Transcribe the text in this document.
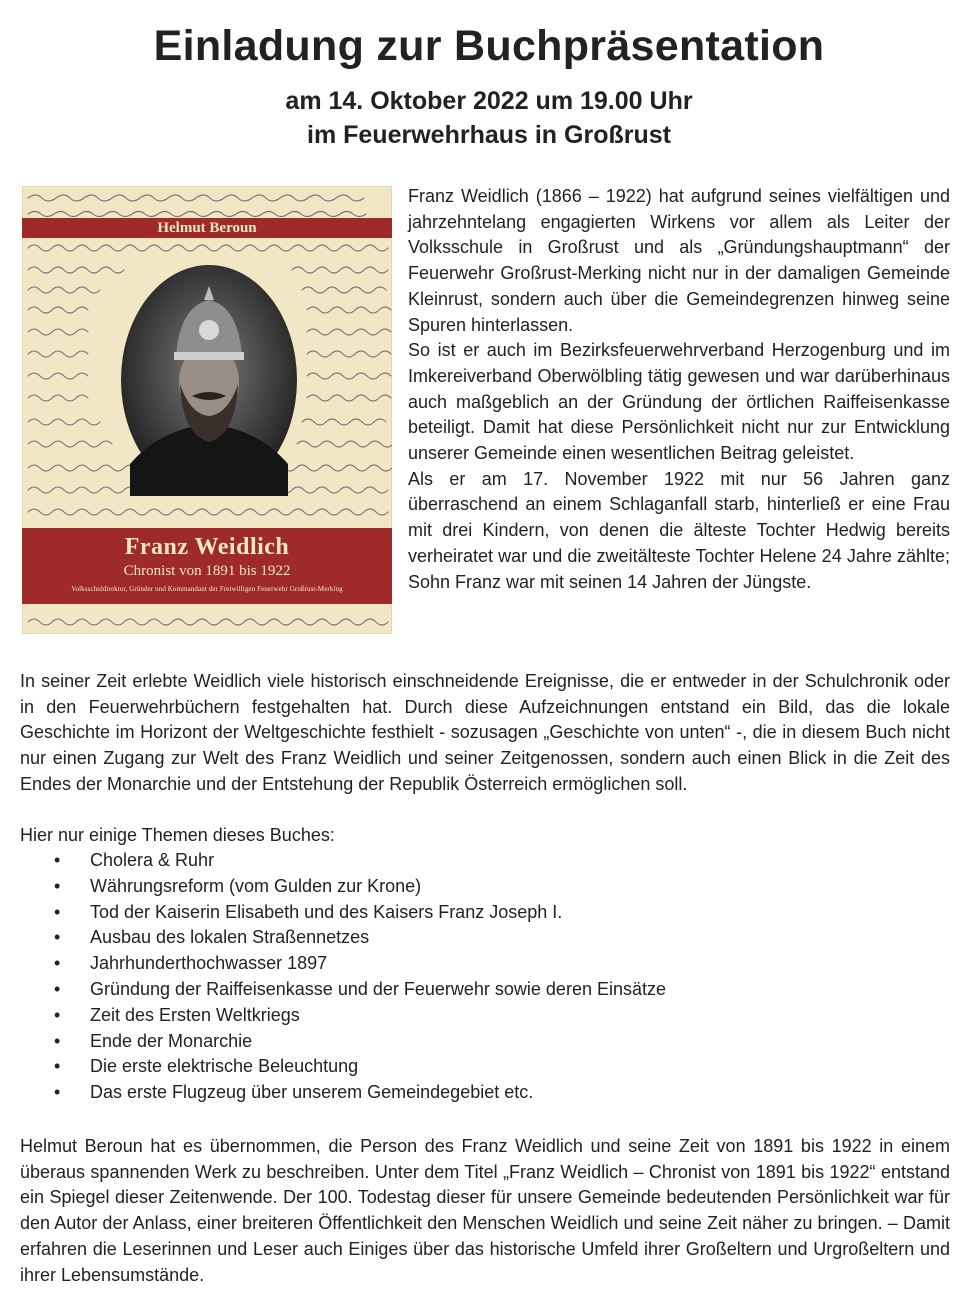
Einladung zur Buchpräsentation
am 14. Oktober 2022 um 19.00 Uhr
im Feuerwehrhaus in Großrust
Helmut Beroun
Franz Weidlich
Chronist von 1891 bis 1922
Volksschuldirektor, Gründer und Kommandant der Freiwilligen Feuerwehr Großrust-Merking

Franz Weidlich (1866 – 1922) hat aufgrund seines vielfältigen und jahrzehntelang engagierten Wirkens vor allem als Leiter der Volksschule in Großrust und als „Gründungshauptmann“ der Feuerwehr Großrust-Merking nicht nur in der damaligen Gemeinde Kleinrust, sondern auch über die Gemeindegrenzen hinweg seine Spuren hinterlassen.

So ist er auch im Bezirksfeuerwehrverband Herzogenburg und im Imkereiverband Oberwölbling tätig gewesen und war darüberhinaus auch maßgeblich an der Gründung der örtlichen Raiffeisenkasse beteiligt. Damit hat diese Persönlichkeit nicht nur zur Entwicklung unserer Gemeinde einen wesentlichen Beitrag geleistet.

Als er am 17. November 1922 mit nur 56 Jahren ganz überraschend an einem Schlaganfall starb, hinterließ er eine Frau mit drei Kindern, von denen die älteste Tochter Hedwig bereits verheiratet war und die zweitälteste Tochter Helene 24 Jahre zählte; Sohn Franz war mit seinen 14 Jahren der Jüngste.

In seiner Zeit erlebte Weidlich viele historisch einschneidende Ereignisse, die er entweder in der Schulchronik oder in den Feuerwehrbüchern festgehalten hat. Durch diese Aufzeichnungen entstand ein Bild, das die lokale Geschichte im Horizont der Weltgeschichte festhielt - sozusagen „Geschichte von unten“ -, die in diesem Buch nicht nur einen Zugang zur Welt des Franz Weidlich und seiner Zeitgenossen, sondern auch einen Blick in die Zeit des Endes der Monarchie und der Entstehung der Republik Österreich ermöglichen soll.

Hier nur einige Themen dieses Buches:

• Cholera & Ruhr
• Währungsreform (vom Gulden zur Krone)
• Tod der Kaiserin Elisabeth und des Kaisers Franz Joseph I.
• Ausbau des lokalen Straßennetzes
• Jahrhunderthochwasser 1897
• Gründung der Raiffeisenkasse und der Feuerwehr sowie deren Einsätze
• Zeit des Ersten Weltkriegs
• Ende der Monarchie
• Die erste elektrische Beleuchtung
• Das erste Flugzeug über unserem Gemeindegebiet etc.

Helmut Beroun hat es übernommen, die Person des Franz Weidlich und seine Zeit von 1891 bis 1922 in einem überaus spannenden Werk zu beschreiben. Unter dem Titel „Franz Weidlich – Chronist von 1891 bis 1922“ entstand ein Spiegel dieser Zeitenwende. Der 100. Todestag dieser für unsere Gemeinde bedeutenden Persönlichkeit war für den Autor der Anlass, einer breiteren Öffentlichkeit den Menschen Weidlich und seine Zeit näher zu bringen. – Damit erfahren die Leserinnen und Leser auch Einiges über das historische Umfeld ihrer Großeltern und Urgroßeltern und ihrer Lebensumstände.
